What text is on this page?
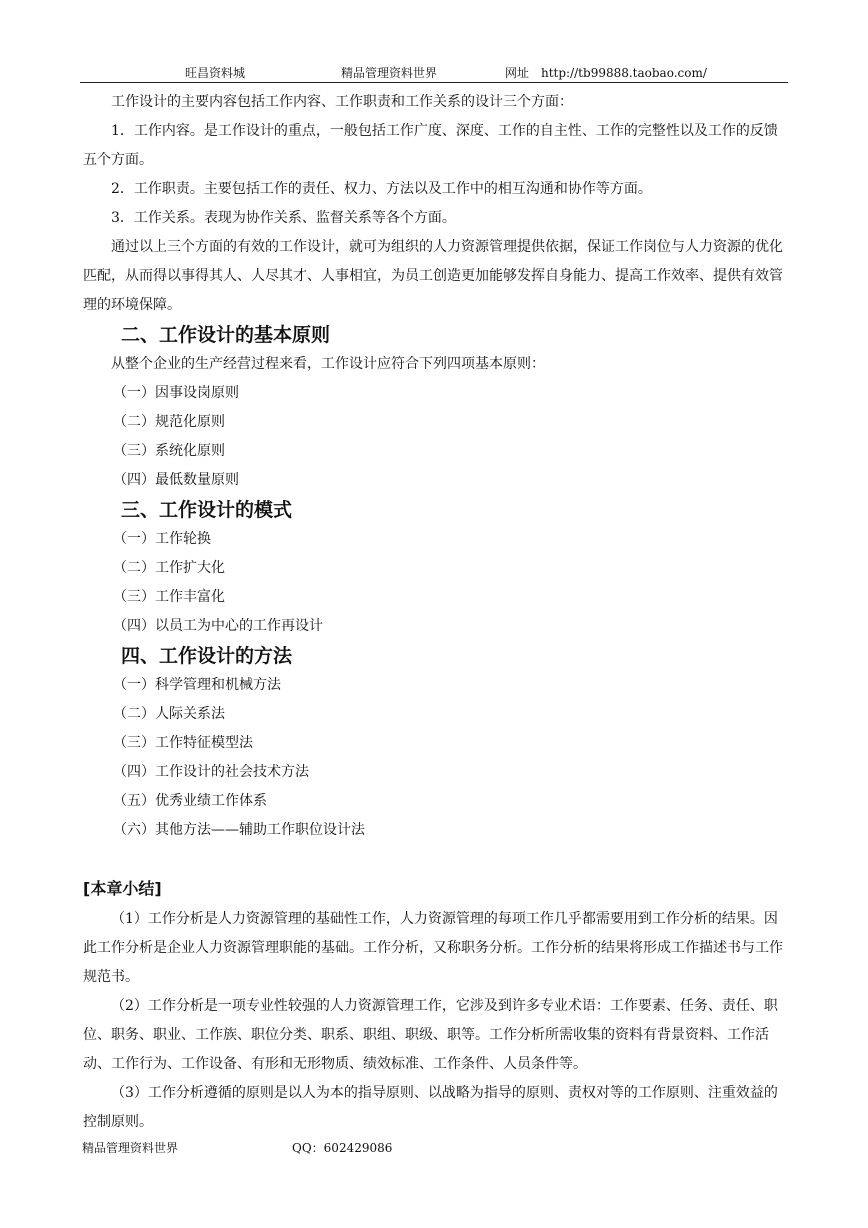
旺昌资料城	精品管理资料世界	网址　http://tb99888.taobao.com/

工作设计的主要内容包括工作内容、工作职责和工作关系的设计三个方面：

1．工作内容。是工作设计的重点，一般包括工作广度、深度、工作的自主性、工作的完整性以及工作的反馈五个方面。

2．工作职责。主要包括工作的责任、权力、方法以及工作中的相互沟通和协作等方面。

3．工作关系。表现为协作关系、监督关系等各个方面。

通过以上三个方面的有效的工作设计，就可为组织的人力资源管理提供依据，保证工作岗位与人力资源的优化匹配，从而得以事得其人、人尽其才、人事相宜，为员工创造更加能够发挥自身能力、提高工作效率、提供有效管理的环境保障。

二、工作设计的基本原则

从整个企业的生产经营过程来看，工作设计应符合下列四项基本原则：

（一）因事设岗原则

（二）规范化原则

（三）系统化原则

（四）最低数量原则

三、工作设计的模式

（一）工作轮换

（二）工作扩大化

（三）工作丰富化

（四）以员工为中心的工作再设计

四、工作设计的方法

（一）科学管理和机械方法

（二）人际关系法

（三）工作特征模型法

（四）工作设计的社会技术方法

（五）优秀业绩工作体系

（六）其他方法——辅助工作职位设计法

[本章小结]

（1）工作分析是人力资源管理的基础性工作，人力资源管理的每项工作几乎都需要用到工作分析的结果。因此工作分析是企业人力资源管理职能的基础。工作分析，又称职务分析。工作分析的结果将形成工作描述书与工作规范书。

（2）工作分析是一项专业性较强的人力资源管理工作，它涉及到许多专业术语：工作要素、任务、责任、职位、职务、职业、工作族、职位分类、职系、职组、职级、职等。工作分析所需收集的资料有背景资料、工作活动、工作行为、工作设备、有形和无形物质、绩效标准、工作条件、人员条件等。

（3）工作分析遵循的原则是以人为本的指导原则、以战略为指导的原则、责权对等的工作原则、注重效益的控制原则。

精品管理资料世界	QQ：602429086
